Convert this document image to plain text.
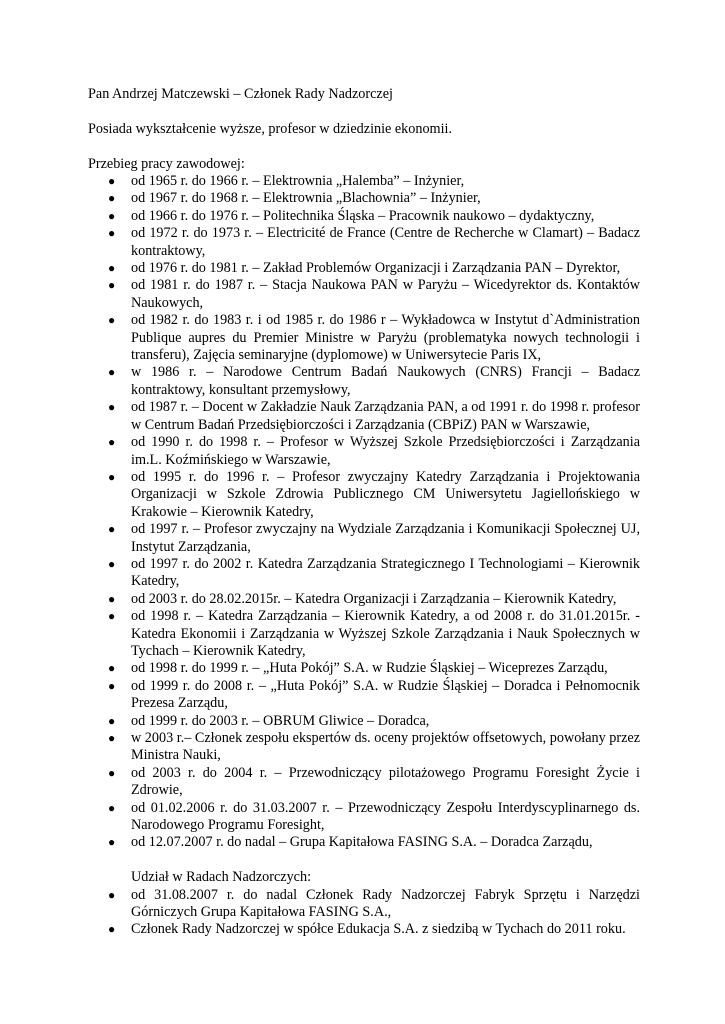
Pan Andrzej Matczewski – Członek Rady Nadzorczej

Posiada wykształcenie wyższe, profesor w dziedzinie ekonomii.

Przebieg pracy zawodowej:

● od 1965 r. do 1966 r. – Elektrownia „Halemba” – Inżynier,
● od 1967 r. do 1968 r. – Elektrownia „Blachownia” – Inżynier,
● od 1966 r. do 1976 r. – Politechnika Śląska – Pracownik naukowo – dydaktyczny,
● od 1972 r. do 1973 r. – Electricité de France (Centre de Recherche w Clamart) – Badacz kontraktowy,
● od 1976 r. do 1981 r. – Zakład Problemów Organizacji i Zarządzania PAN – Dyrektor,
● od 1981 r. do 1987 r. – Stacja Naukowa PAN w Paryżu – Wicedyrektor ds. Kontaktów Naukowych,
● od 1982 r. do 1983 r. i od 1985 r. do 1986 r – Wykładowca w Instytut d`Administration Publique aupres du Premier Ministre w Paryżu (problematyka nowych technologii i transferu), Zajęcia seminaryjne (dyplomowe) w Uniwersytecie Paris IX,
● w 1986 r. – Narodowe Centrum Badań Naukowych (CNRS) Francji – Badacz kontraktowy, konsultant przemysłowy,
● od 1987 r. – Docent w Zakładzie Nauk Zarządzania PAN, a od 1991 r. do 1998 r. profesor w Centrum Badań Przedsiębiorczości i Zarządzania (CBPiZ) PAN w Warszawie,
● od 1990 r. do 1998 r. – Profesor w Wyższej Szkole Przedsiębiorczości i Zarządzania im.L. Koźmińskiego w Warszawie,
● od 1995 r. do 1996 r. – Profesor zwyczajny Katedry Zarządzania i Projektowania Organizacji w Szkole Zdrowia Publicznego CM Uniwersytetu Jagiellońskiego w Krakowie – Kierownik Katedry,
● od 1997 r. – Profesor zwyczajny na Wydziale Zarządzania i Komunikacji Społecznej UJ, Instytut Zarządzania,
● od 1997 r. do 2002 r. Katedra Zarządzania Strategicznego I Technologiami – Kierownik Katedry,
● od 2003 r. do 28.02.2015r. – Katedra Organizacji i Zarządzania – Kierownik Katedry,
● od 1998 r. – Katedra Zarządzania – Kierownik Katedry, a od 2008 r. do 31.01.2015r. - Katedra Ekonomii i Zarządzania w Wyższej Szkole Zarządzania i Nauk Społecznych w Tychach – Kierownik Katedry,
● od 1998 r. do 1999 r. – „Huta Pokój” S.A. w Rudzie Śląskiej – Wiceprezes Zarządu,
● od 1999 r. do 2008 r. – „Huta Pokój” S.A. w Rudzie Śląskiej – Doradca i Pełnomocnik Prezesa Zarządu,
● od 1999 r. do 2003 r. – OBRUM Gliwice – Doradca,
● w 2003 r.– Członek zespołu ekspertów ds. oceny projektów offsetowych, powołany przez Ministra Nauki,
● od 2003 r. do 2004 r. – Przewodniczący pilotażowego Programu Foresight Życie i Zdrowie,
● od 01.02.2006 r. do 31.03.2007 r. – Przewodniczący Zespołu Interdyscyplinarnego ds. Narodowego Programu Foresight,
● od 12.07.2007 r. do nadal – Grupa Kapitałowa FASING S.A. – Doradca Zarządu,

Udział w Radach Nadzorczych:

● od 31.08.2007 r. do nadal Członek Rady Nadzorczej Fabryk Sprzętu i Narzędzi Górniczych Grupa Kapitałowa FASING S.A.,
● Członek Rady Nadzorczej w spółce Edukacja S.A. z siedzibą w Tychach do 2011 roku.
